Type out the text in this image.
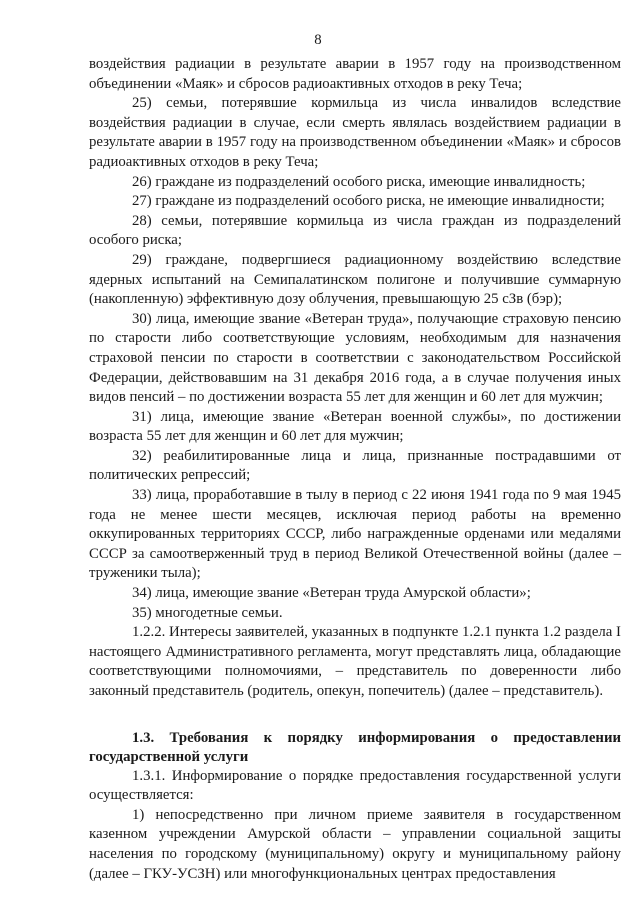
8

воздействия радиации в результате аварии в 1957 году на производственном объединении «Маяк» и сбросов радиоактивных отходов в реку Теча;

25) семьи, потерявшие кормильца из числа инвалидов вследствие воздействия радиации в случае, если смерть являлась воздействием радиации в результате аварии в 1957 году на производственном объединении «Маяк» и сбросов радиоактивных отходов в реку Теча;

26) граждане из подразделений особого риска, имеющие инвалидность;

27) граждане из подразделений особого риска, не имеющие инвалидности;

28) семьи, потерявшие кормильца из числа граждан из подразделений особого риска;

29) граждане, подвергшиеся радиационному воздействию вследствие ядерных испытаний на Семипалатинском полигоне и получившие суммарную (накопленную) эффективную дозу облучения, превышающую 25 сЗв (бэр);

30) лица, имеющие звание «Ветеран труда», получающие страховую пенсию по старости либо соответствующие условиям, необходимым для назначения страховой пенсии по старости в соответствии с законодательством Российской Федерации, действовавшим на 31 декабря 2016 года, а в случае получения иных видов пенсий – по достижении возраста 55 лет для женщин и 60 лет для мужчин;

31) лица, имеющие звание «Ветеран военной службы», по достижении возраста 55 лет для женщин и 60 лет для мужчин;

32) реабилитированные лица и лица, признанные пострадавшими от политических репрессий;

33) лица, проработавшие в тылу в период с 22 июня 1941 года по 9 мая 1945 года не менее шести месяцев, исключая период работы на временно оккупированных территориях СССР, либо награжденные орденами или медалями СССР за самоотверженный труд в период Великой Отечественной войны (далее – труженики тыла);

34) лица, имеющие звание «Ветеран труда Амурской области»;

35) многодетные семьи.

1.2.2. Интересы заявителей, указанных в подпункте 1.2.1 пункта 1.2 раздела I настоящего Административного регламента, могут представлять лица, обладающие соответствующими полномочиями, – представитель по доверенности либо законный представитель (родитель, опекун, попечитель) (далее – представитель).

1.3. Требования к порядку информирования о предоставлении государственной услуги

1.3.1. Информирование о порядке предоставления государственной услуги осуществляется:

1) непосредственно при личном приеме заявителя в государственном казенном учреждении Амурской области – управлении социальной защиты населения по городскому (муниципальному) округу и муниципальному району (далее – ГКУ-УСЗН) или многофункциональных центрах предоставления
